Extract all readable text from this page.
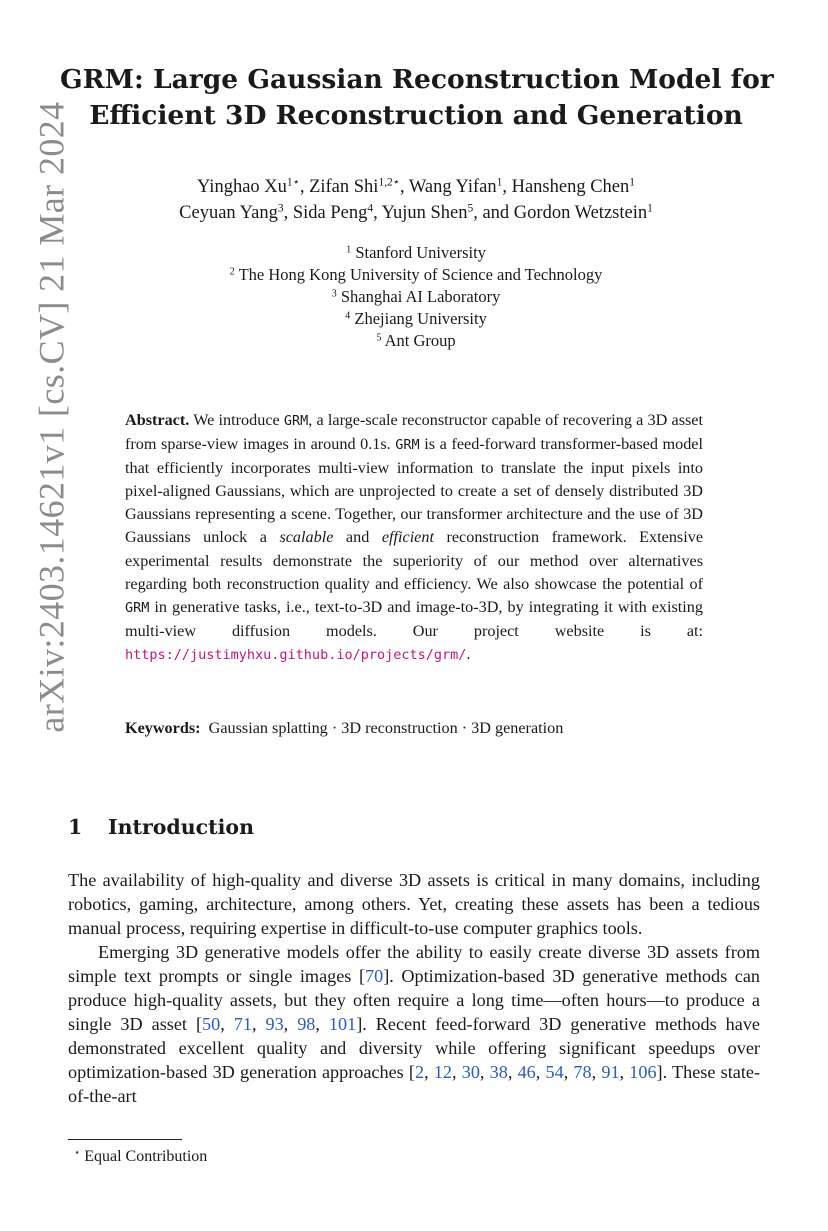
arXiv:2403.14621v1 [cs.CV] 21 Mar 2024
GRM: Large Gaussian Reconstruction Model for
Efficient 3D Reconstruction and Generation
Yinghao $Xu^{1⋆}$, Zifan Shi$^{1,2⋆}$, Wang Yifan$^1$, Hansheng Chen$^1$
Ceyuan Yang$^3$, Sida Peng$^4$, Yujun Shen$^5$, and Gordon Wetzstein$^1$
$^1$ Stanford University
$^2$ The Hong Kong University of Science and Technology
$^3$ Shanghai AI Laboratory
$^4$ Zhejiang University
$^5$ Ant Group

Abstract. We introduce GRM, a large-scale reconstructor capable of recovering a 3D asset from sparse-view images in around 0.1s. GRM is a feed-forward transformer-based model that efficiently incorporates multi-view information to translate the input pixels into pixel-aligned Gaussians, which are unprojected to create a set of densely distributed 3D Gaussians representing a scene. Together, our transformer architecture and the use of 3D Gaussians unlock a scalable and efficient reconstruction framework. Extensive experimental results demonstrate the superiority of our method over alternatives regarding both reconstruction quality and efficiency. We also showcase the potential of GRM in generative tasks, i.e., text-to-3D and image-to-3D, by integrating it with existing multi-view diffusion models. Our project website is at: https://justimyhxu.github.io/projects/grm/.

Keywords: Gaussian splatting · 3D reconstruction · 3D generation
1 Introduction

The availability of high-quality and diverse 3D assets is critical in many domains, including robotics, gaming, architecture, among others. Yet, creating these assets has been a tedious manual process, requiring expertise in difficult-to-use computer graphics tools.

Emerging 3D generative models offer the ability to easily create diverse 3D assets from simple text prompts or single images [70]. Optimization-based 3D generative methods can produce high-quality assets, but they often require a long time—often hours—to produce a single 3D asset [50, 71, 93, 98, 101]. Recent feed-forward 3D generative methods have demonstrated excellent quality and diversity while offering significant speedups over optimization-based 3D generation approaches [2, 12, 30, 38, 46, 54, 78, 91, 106]. These state-of-the-art

⋆ Equal Contribution
